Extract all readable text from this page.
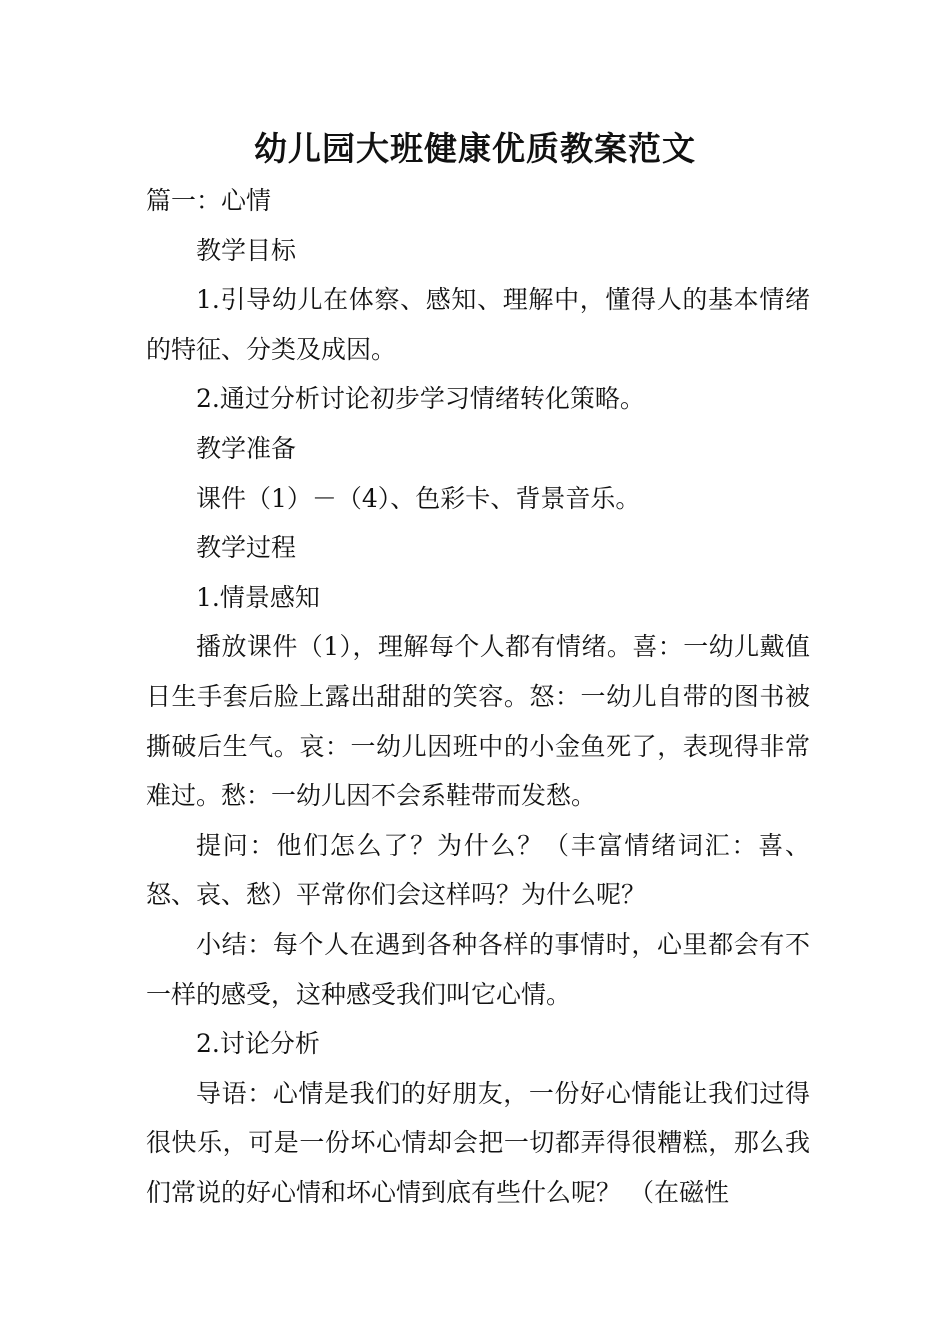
幼儿园大班健康优质教案范文

篇一：心情

教学目标

1.引导幼儿在体察、感知、理解中，懂得人的基本情绪的特征、分类及成因。

2.通过分析讨论初步学习情绪转化策略。

教学准备

课件（1）－（4）、色彩卡、背景音乐。

教学过程

1.情景感知

播放课件（1），理解每个人都有情绪。喜：一幼儿戴值日生手套后脸上露出甜甜的笑容。怒：一幼儿自带的图书被撕破后生气。哀：一幼儿因班中的小金鱼死了，表现得非常难过。愁：一幼儿因不会系鞋带而发愁。

提问：他们怎么了？为什么？（丰富情绪词汇：喜、怒、哀、愁）平常你们会这样吗？为什么呢？

小结：每个人在遇到各种各样的事情时，心里都会有不一样的感受，这种感受我们叫它心情。

2.讨论分析

导语：心情是我们的好朋友，一份好心情能让我们过得很快乐，可是一份坏心情却会把一切都弄得很糟糕，那么我们常说的好心情和坏心情到底有些什么呢？ （在磁性
